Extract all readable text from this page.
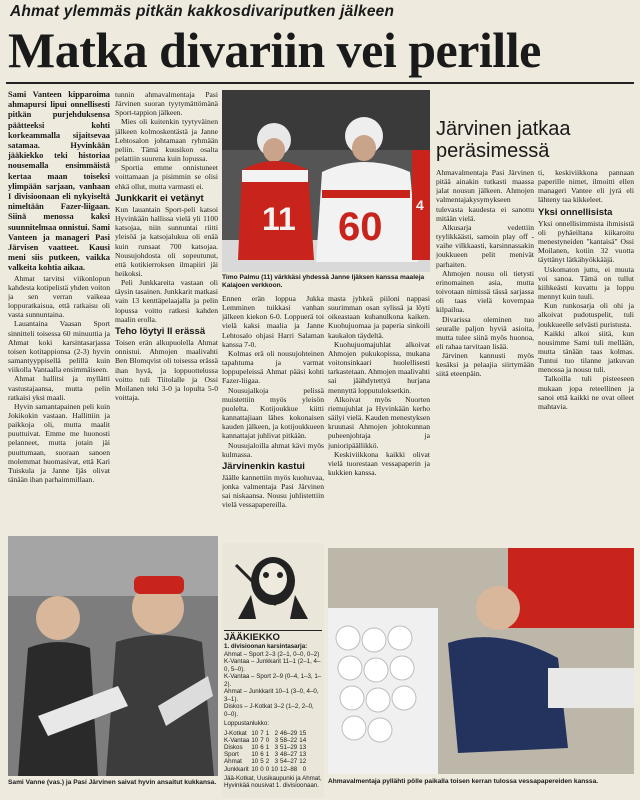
Ahmat ylemmäs pitkän kakkosdivariputken jälkeen
Matka divariin vei perille

Sami Vanteen kipparoima ahmapursi lipui onnellisesti pitkän purjehduksensa päätteeksi kohti korkeammalla sijaitsevaa satamaa. Hyvinkään jääkiekko teki historiaa nousemalla ensimmäistä kertaa maan toiseksi ylimpään sarjaan, vanhaan I divisioonaan eli nykyiseltä nimeltään Fazer-liigaan. Siinä menossa kaksi suunnitelmaa onnistui. Sami Vanteen ja manageri Pasi Järvisen vaatteet. Kausi meni siis putkeen, vaikka valkeita kohtia aikaa.

Ahmat tarvitsi viikonlopun kahdesta kotipelistä yhden voiton ja sen verran vaikeaa loppuratkaisua, että ratkaisu oli vasta sunnuntaina.

Lauantaina Vaasan Sport sinnitteli toisessa 60 minuuttia ja Ahmat koki karsintasarjassa toisen kotitappionsa (2-3) hyvin samantyyppisellä pelillä kuin viikolla Vantaalla ensimmäiseen.

Ahmat hallitsi ja myllätti vastustajaansa, mutta pelin ratkaisi yksi maali.

Hyvin samantapainen peli kuin Jokikokin vastaan. Hallittiin ja paikkoja oli, mutta maalit puuttuivat. Emme me huonosti pelanneet, mutta jotain jäi puuttumaan, suoraan sanoen molemmat huomasivat, että Kari Tuiskula ja Janne Ijäs olivat tänään ihan parhaimmillaan.

tunnin ahmavalmentaja Pasi Järvinen suoran tyytymättömänä Sport-tappion jälkeen.

Mies oli kuitenkin tyytyväinen jälkeen kolmoskentästä ja Janne Lehtosalon johtamaan ryhmään peliin. Tämä kuusikon osalta pelattiin suurena kuin lopussa.

Sportia emme onnistuneet voittamaan ja pisimmin se olisi ehkä ollut, mutta varmasti ei.

Junkkarit ei vetänyt

Kun lauantain Sport-peli katsoi Hyvinkään hallissa vielä yli 1100 katsojaa, niin sunnuntai riitti yleisöä ja katsojalukua oli enää kuin runsaat 700 katsojaa. Nousujohdosta oli sopeutunut, että kotikierroksen ilmapiiri jäi heikoksi.

Peli Junkkareita vastaan oli täysin tasainen. Junkkarit matkasi vain 13 kenttäpelaajalla ja pelin lopussa voitto ratkesi kahden maalin erolla.

Teho löytyi II erässä

Toisen erän alkupuolella Ahmat onnistui. Ahmojen maalivahti Ben Blomqvist oli toisessa erässä ihan hyvä, ja loppuottelussa voitto tuli Tiitolalle ja Ossi Moilanen teki 3-0 ja lopulta 5-0 voittaja.

11 60 4
Timo Palmu (11) värkkäsi yhdessä Janne Ijäksen kanssa maaleja Kalajoen verkkoon.

Ennen erän loppua Jukka Lemminen tuikkasi vanhan jälkeen kiekon 6-0. Loppuerä toi vielä kaksi maalia ja Janne Lehtosalo ohjasi Harri Salaman kanssa 7-0.

Kolmas erä oli nousujohteinen tapahtuma ja varmat loppupeleissä Ahmat pääsi kohti Fazer-liigaa.

Nousujalkoja pelissä muistettiin myös yleisön puolelta. Kotijoukkue kiitti kannattajiaan lähes kokonaisen kauden jälkeen, ja kotijoukkueen kannattajat juhlivat pitkään.

Nousujaloilla ahmat kävi myös kulmassa.

Järvinenkin kastui

Jäälle kannettiin myös kuohuvaa, jonka valmentaja Pasi Järvinen sai niskaansa. Nousu juhlistettiin vielä vessapapereilla.

masta jyhkeä piiloni nappasi suurimman osan sylissä ja löyti oikeastaan kuhanulkona kaiken. Kuohujuomaa ja paperia sinkoili kaukalon täydeltä.

Kuohujuomajuhlat alkoivat Ahmojen pukukopissa, mukana voitonsinkaari huolellisesti tarkastetaan. Ahmojen maalivahti sai jäähdytettyä hurjana mennyttä lopputuloksetkin.

Alkoivat myös Nuorten riemujuhlat ja Hyvinkään kerho säilyi vielä. Kauden menestyksen kruunasi Ahmojen johtokunnan puheenjohtaja ja junioripäällikkö.

Keskiviikkona kaikki olivat vielä tuorestaan vessapaperin ja kukkien kanssa.

Järvinen jatkaa peräsimessä

Ahmavalmentaja Pasi Järvinen pitää ainakin tutkasti maassa jalat nousun jälkeen. Ahmojen valmentajakysymykseen tulevasta kaudesta ei sanottu mitään vielä.

Alkusarja vedettiin tyylikkäästi, samoin play off -vaihe vilkkaasti, karsinnassakin joukkueen pelit menivät parhaiten.

Ahmojen nousu oli tietysti erinomainen asia, mutta toivotaan nimissä tässä sarjassa oli taas vielä kovempaa kilpailua.

Divarissa oleminen tuo seuralle paljon hyviä asioita, mutta tulee siinä myös huonoa, eli rahaa tarvitaan lisää.

Järvinen kannusti myös kesäksi ja pelaajia siirtymään siitä eteenpäin.

ti, keskiviikkona pannaan paperille nimet, ilmoitti ellen manageri Vantee eli jyrä eli lähteny taa kikkeleet.

Yksi onnellisista

Yksi onnellisimmista ihmisistä oli pyhäeiltana kiikaroitu menestyneiden "kantaisä" Ossi Moilanen, kotiin 32 vuotta täyttänyt lätkähyökkääjä.

Uskomaton juttu, ei muuta voi sanoa. Tämä on tullut kiihkeästi kuvattu ja loppu mennyt kuin tuuli.

Kun runkosarja oli ohi ja alkoivat pudotuspelit, tuli joukkueelle selvästi puristusta.

Kaikki alkoi siitä, kun nousimme Sami tuli mellään, mutta tänään taas kolmas. Tuntui tuo tilanne jatkuvan menossa ja nousu tuli.

Talkoilla tuli pisteeseen mukaan jopa reteellinen ja sanoi että kaikki ne ovat olleet mahtavia.

Sami Vanne (vas.) ja Pasi Järvinen saivat hyvin ansaitut kukkansa.
JÄÄKIEKKO
1. divisioonan karsintasarja:
Ahmat – Sport 2–3 (2–1, 0–0, 0–2)
K-Vantaa – Junkkarit 11–1 (2–1, 4–0, 5–0).
K-Vantaa – Sport 2–9 (0–4, 1–3, 1–2).
Ahmat – Junkkarit 10–1 (3–0, 4–0, 3–1).
Diskos – J-Kotkat 3–2 (1–2, 2–0, 0–0).
Loppustanlukko:
J-Kotkat	10	7	1	2	46–29	15
K-Vantaa	10	7	0	3	58–22	14
Diskos	10	6	1	3	51–29	13
Sport	10	6	1	3	48–27	13
Ahmat	10	5	2	3	54–27	12
Junkkarit	10	0	0	10	12–88	0
Jää-Kotkat, Uusikaupunki ja Ahmat, Hyvinkää nousivat 1. divisioonaan.
Ahmavalmentaja pyllähti pölle paikalla toisen kerran tulossa vessapapereiden kanssa.
